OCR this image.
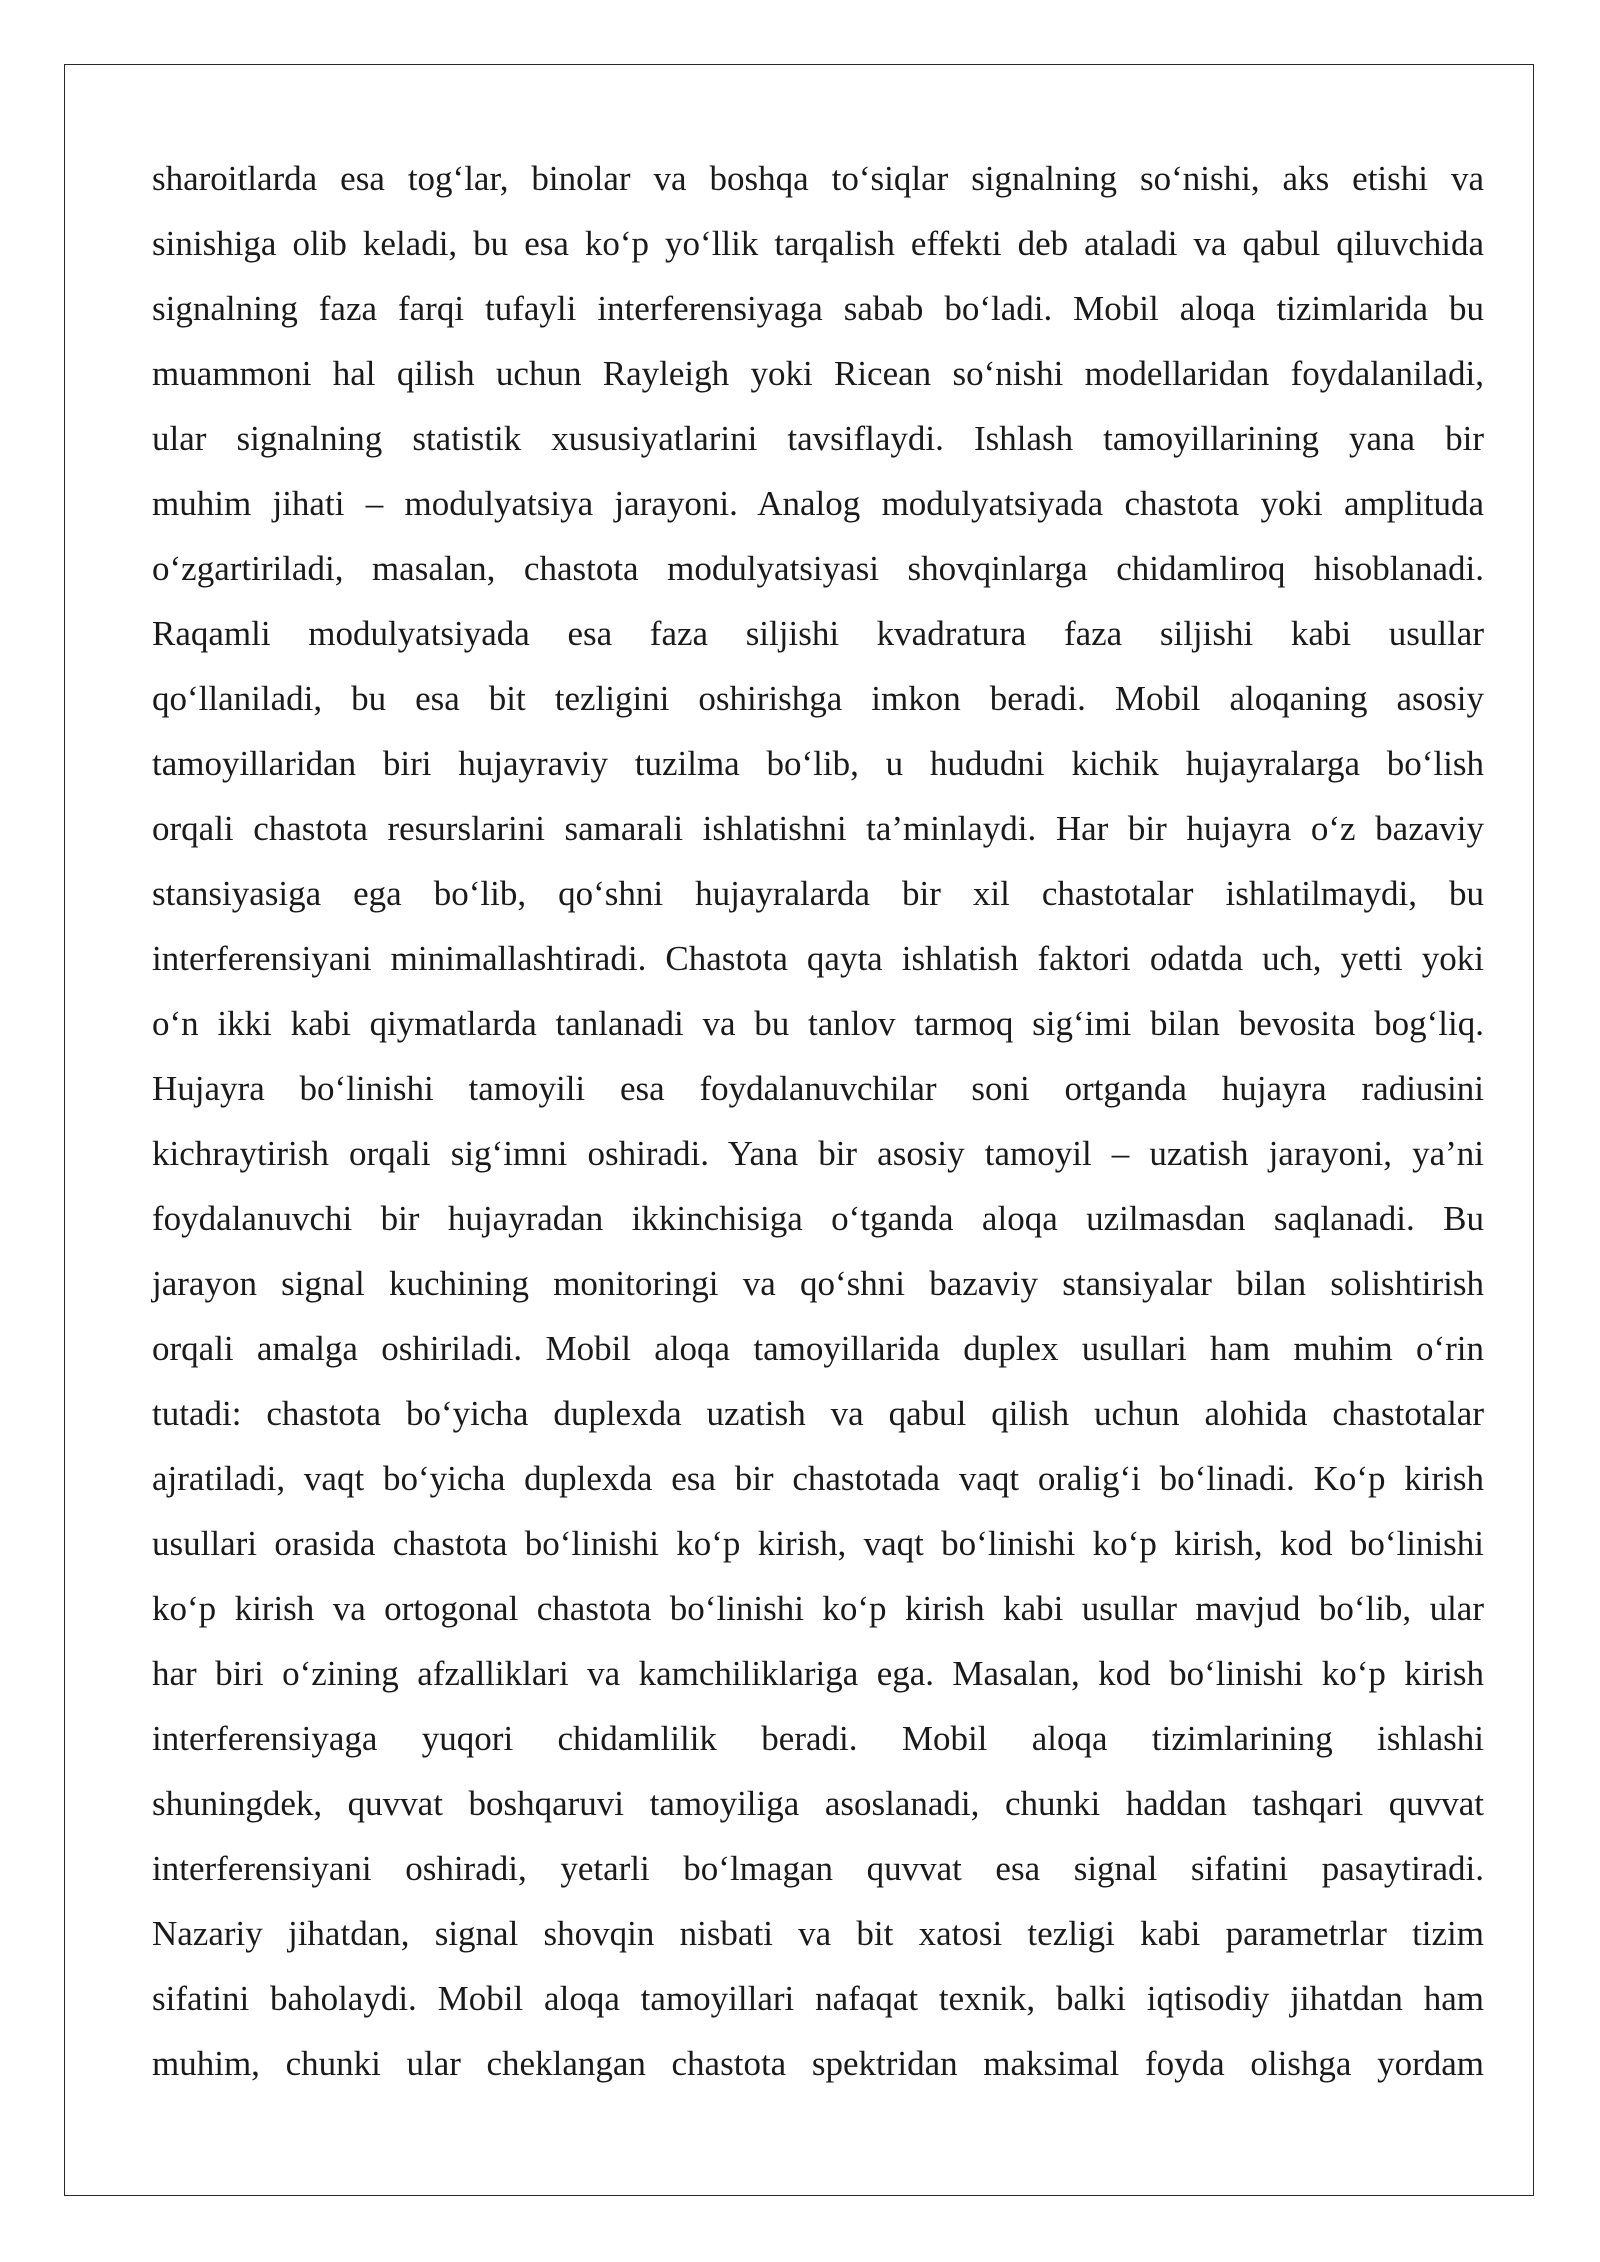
sharoitlarda esa tog‘lar, binolar va boshqa to‘siqlar signalning so‘nishi, aks etishi va
sinishiga olib keladi, bu esa ko‘p yo‘llik tarqalish effekti deb ataladi va qabul qiluvchida
signalning faza farqi tufayli interferensiyaga sabab bo‘ladi. Mobil aloqa tizimlarida bu
muammoni hal qilish uchun Rayleigh yoki Ricean so‘nishi modellaridan foydalaniladi,
ular signalning statistik xususiyatlarini tavsiflaydi. Ishlash tamoyillarining yana bir
muhim jihati – modulyatsiya jarayoni. Analog modulyatsiyada chastota yoki amplituda
o‘zgartiriladi, masalan, chastota modulyatsiyasi shovqinlarga chidamliroq hisoblanadi.
Raqamli modulyatsiyada esa faza siljishi kvadratura faza siljishi kabi usullar
qo‘llaniladi, bu esa bit tezligini oshirishga imkon beradi. Mobil aloqaning asosiy
tamoyillaridan biri hujayraviy tuzilma bo‘lib, u hududni kichik hujayralarga bo‘lish
orqali chastota resurslarini samarali ishlatishni ta’minlaydi. Har bir hujayra o‘z bazaviy
stansiyasiga ega bo‘lib, qo‘shni hujayralarda bir xil chastotalar ishlatilmaydi, bu
interferensiyani minimallashtiradi. Chastota qayta ishlatish faktori odatda uch, yetti yoki
o‘n ikki kabi qiymatlarda tanlanadi va bu tanlov tarmoq sig‘imi bilan bevosita bog‘liq.
Hujayra bo‘linishi tamoyili esa foydalanuvchilar soni ortganda hujayra radiusini
kichraytirish orqali sig‘imni oshiradi. Yana bir asosiy tamoyil – uzatish jarayoni, ya’ni
foydalanuvchi bir hujayradan ikkinchisiga o‘tganda aloqa uzilmasdan saqlanadi. Bu
jarayon signal kuchining monitoringi va qo‘shni bazaviy stansiyalar bilan solishtirish
orqali amalga oshiriladi. Mobil aloqa tamoyillarida duplex usullari ham muhim o‘rin
tutadi: chastota bo‘yicha duplexda uzatish va qabul qilish uchun alohida chastotalar
ajratiladi, vaqt bo‘yicha duplexda esa bir chastotada vaqt oralig‘i bo‘linadi. Ko‘p kirish
usullari orasida chastota bo‘linishi ko‘p kirish, vaqt bo‘linishi ko‘p kirish, kod bo‘linishi
ko‘p kirish va ortogonal chastota bo‘linishi ko‘p kirish kabi usullar mavjud bo‘lib, ular
har biri o‘zining afzalliklari va kamchiliklariga ega. Masalan, kod bo‘linishi ko‘p kirish
interferensiyaga yuqori chidamlilik beradi. Mobil aloqa tizimlarining ishlashi
shuningdek, quvvat boshqaruvi tamoyiliga asoslanadi, chunki haddan tashqari quvvat
interferensiyani oshiradi, yetarli bo‘lmagan quvvat esa signal sifatini pasaytiradi.
Nazariy jihatdan, signal shovqin nisbati va bit xatosi tezligi kabi parametrlar tizim
sifatini baholaydi. Mobil aloqa tamoyillari nafaqat texnik, balki iqtisodiy jihatdan ham
muhim, chunki ular cheklangan chastota spektridan maksimal foyda olishga yordam
